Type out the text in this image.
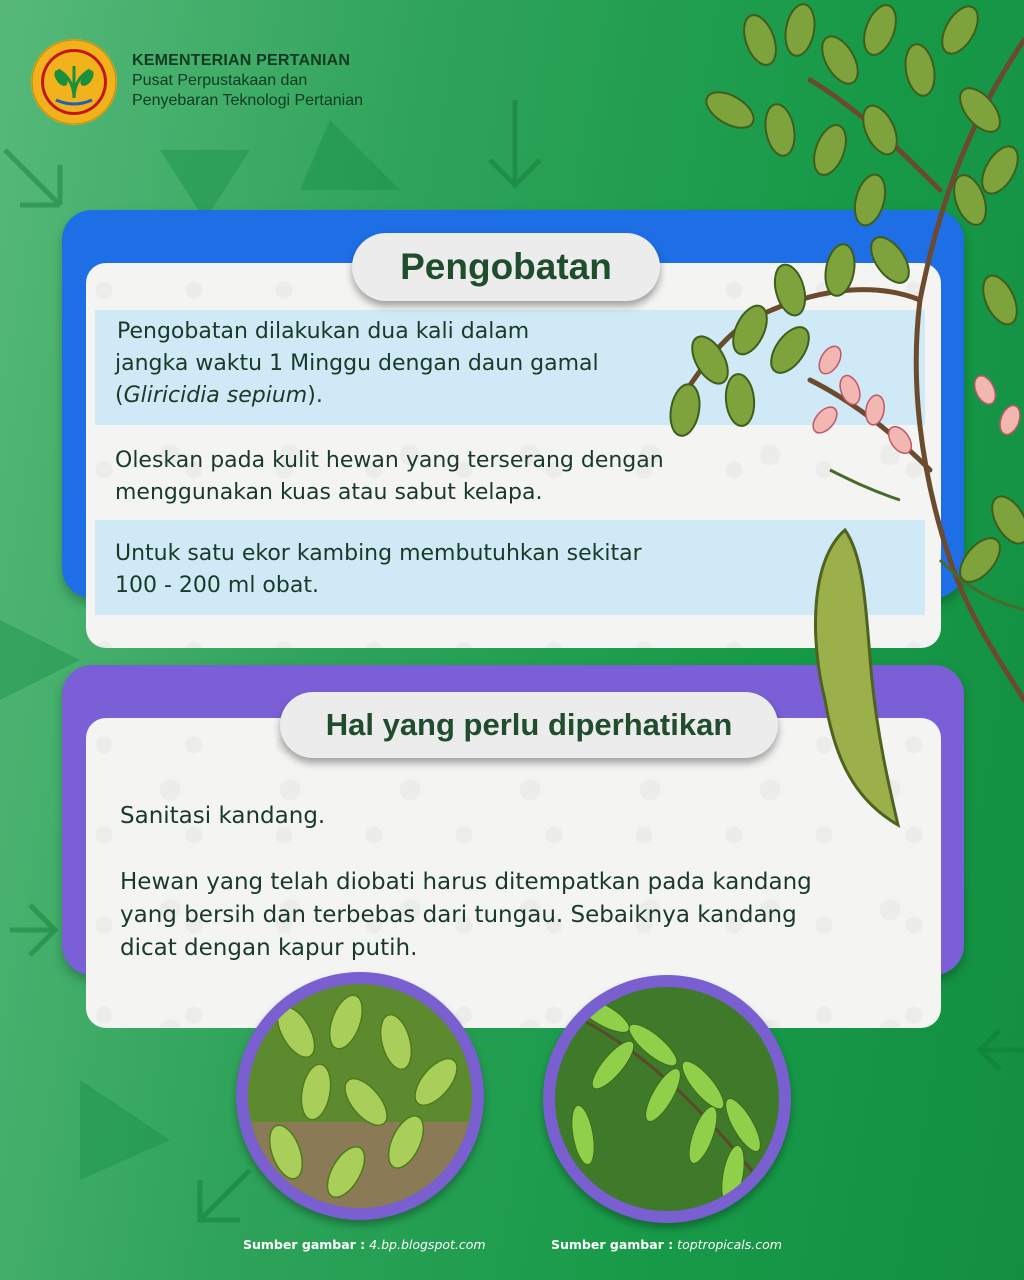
KEMENTERIAN PERTANIAN
Pusat Perpustakaan dan
Penyebaran Teknologi Pertanian
Pengobatan dilakukan dua kali dalam
jangka waktu 1 Minggu dengan daun gamal
(Gliricidia sepium).
Oleskan pada kulit hewan yang terserang dengan
menggunakan kuas atau sabut kelapa.
Untuk satu ekor kambing membutuhkan sekitar
100 - 200 ml obat.
Pengobatan
Sanitasi kandang.
Hewan yang telah diobati harus ditempatkan pada kandang
yang bersih dan terbebas dari tungau. Sebaiknya kandang
dicat dengan kapur putih.
Hal yang perlu diperhatikan
Sumber gambar : 4.bp.blogspot.com	Sumber gambar : toptropicals.com
